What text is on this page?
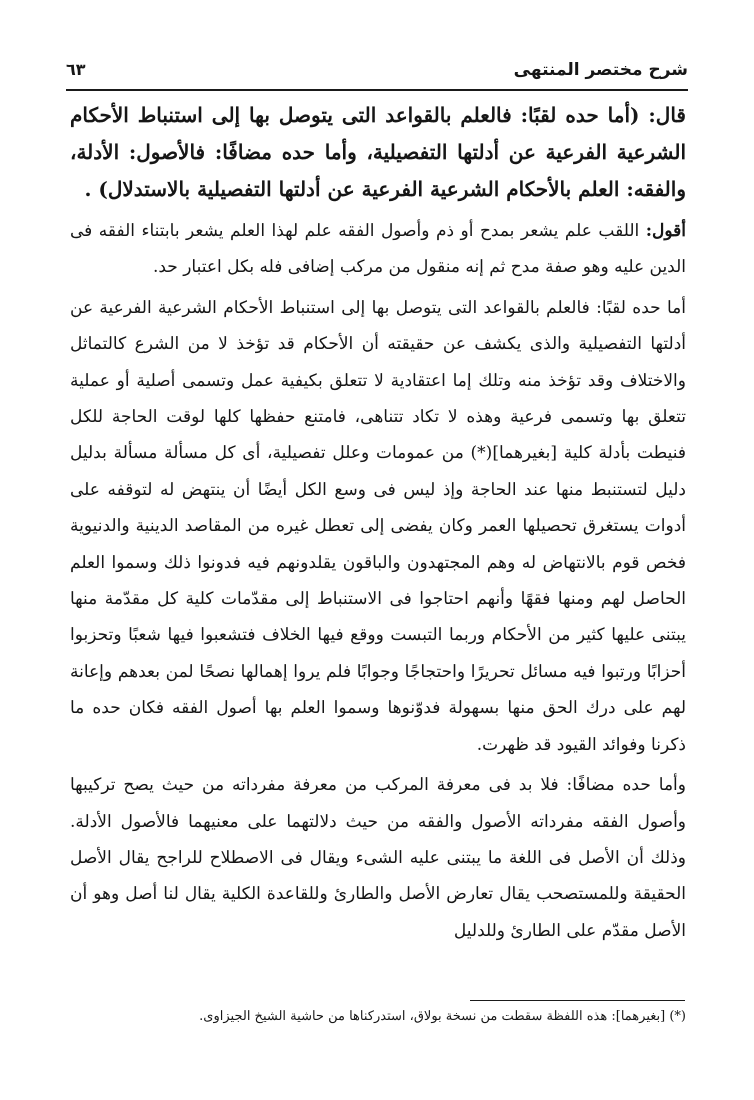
شرح مختصر المنتهى
٦٣

قال: (أما حده لقبًا: فالعلم بالقواعد التى يتوصل بها إلى استنباط الأحكام الشرعية الفرعية عن أدلتها التفصيلية، وأما حده مضافًا: فالأصول: الأدلة، والفقه: العلم بالأحكام الشرعية الفرعية عن أدلتها التفصيلية بالاستدلال) .

أقول: اللقب علم يشعر بمدح أو ذم وأصول الفقه علم لهذا العلم يشعر بابتناء الفقه فى الدين عليه وهو صفة مدح ثم إنه منقول من مركب إضافى فله بكل اعتبار حد.

أما حده لقبًا: فالعلم بالقواعد التى يتوصل بها إلى استنباط الأحكام الشرعية الفرعية عن أدلتها التفصيلية والذى يكشف عن حقيقته أن الأحكام قد تؤخذ لا من الشرع كالتماثل والاختلاف وقد تؤخذ منه وتلك إما اعتقادية لا تتعلق بكيفية عمل وتسمى أصلية أو عملية تتعلق بها وتسمى فرعية وهذه لا تكاد تتناهى، فامتنع حفظها كلها لوقت الحاجة للكل فنيطت بأدلة كلية [بغيرهما](*) من عمومات وعلل تفصيلية، أى كل مسألة مسألة بدليل دليل لتستنبط منها عند الحاجة وإذ ليس فى وسع الكل أيضًا أن ينتهض له لتوقفه على أدوات يستغرق تحصيلها العمر وكان يفضى إلى تعطل غيره من المقاصد الدينية والدنيوية فخص قوم بالانتهاض له وهم المجتهدون والباقون يقلدونهم فيه فدونوا ذلك وسموا العلم الحاصل لهم ومنها فقهًا وأنهم احتاجوا فى الاستنباط إلى مقدّمات كلية كل مقدّمة منها يبتنى عليها كثير من الأحكام وربما التبست ووقع فيها الخلاف فتشعبوا فيها شعبًا وتحزبوا أحزابًا ورتبوا فيه مسائل تحريرًا واحتجاجًا وجوابًا فلم يروا إهمالها نصحًا لمن بعدهم وإعانة لهم على درك الحق منها بسهولة فدوّنوها وسموا العلم بها أصول الفقه فكان حده ما ذكرنا وفوائد القيود قد ظهرت.

وأما حده مضافًا: فلا بد فى معرفة المركب من معرفة مفرداته من حيث يصح تركيبها وأصول الفقه مفرداته الأصول والفقه من حيث دلالتهما على معنيهما فالأصول الأدلة. وذلك أن الأصل فى اللغة ما يبتنى عليه الشىء ويقال فى الاصطلاح للراجح يقال الأصل الحقيقة وللمستصحب يقال تعارض الأصل والطارئ وللقاعدة الكلية يقال لنا أصل وهو أن الأصل مقدّم على الطارئ وللدليل

(*) [بغيرهما]: هذه اللفظة سقطت من نسخة بولاق، استدركناها من حاشية الشيخ الجيزاوى.
